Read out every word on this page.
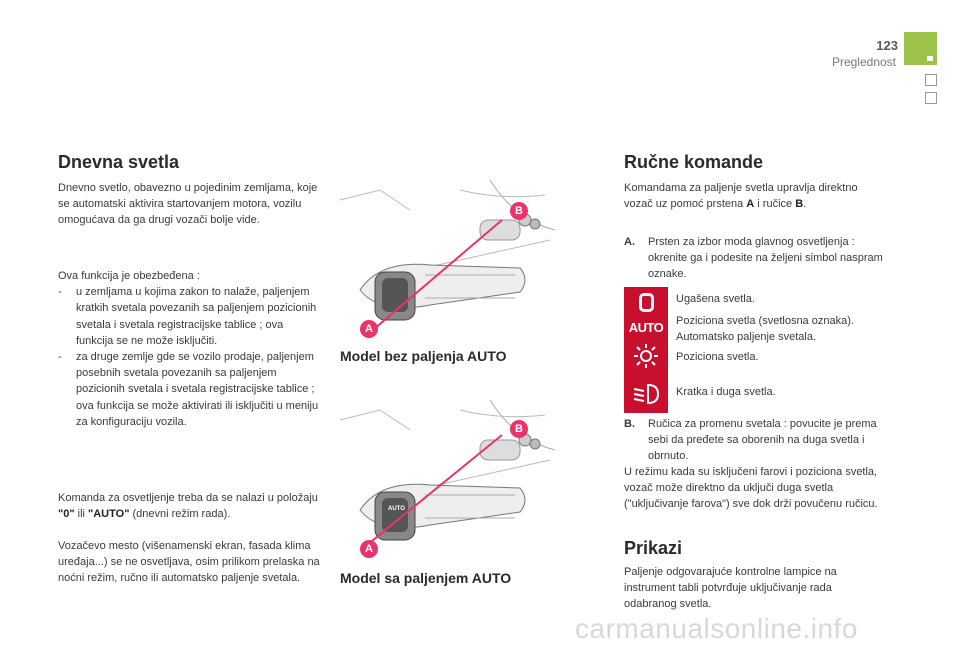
123
Preglednost
Dnevna svetla
Dnevno svetlo, obavezno u pojedinim zemljama, koje se automatski aktivira startovanjem motora, vozilu omogućava da ga drugi vozači bolje vide.
Ova funkcija je obezbeđena :
- u zemljama u kojima zakon to nalaže, paljenjem kratkih svetala povezanih sa paljenjem pozicionih svetala i svetala registracijske tablice ; ova funkcija se ne može isključiti.
- za druge zemlje gde se vozilo prodaje, paljenjem posebnih svetala povezanih sa paljenjem pozicionih svetala i svetala registracijske tablice ; ova funkcija se može aktivirati ili isključiti u meniju za konfiguraciju vozila.
Komanda za osvetljenje treba da se nalazi u položaju "0" ili "AUTO" (dnevni režim rada).
Vozačevo mesto (višenamenski ekran, fasada klima uređaja...) se ne osvetljava, osim prilikom prelaska na noćni režim, ručno ili automatsko paljenje svetala.
B
A
Model bez paljenja AUTO
AUTO
B
A
Model sa paljenjem AUTO
Ručne komande
Komandama za paljenje svetla upravlja direktno vozač uz pomoć prstena A i ručice B.
A. Prsten za izbor moda glavnog osvetljenja : okrenite ga i podesite na željeni simbol naspram oznake.
AUTO
Ugašena svetla.
Poziciona svetla (svetlosna oznaka). Automatsko paljenje svetala.
Poziciona svetla.
Kratka i duga svetla.
B. Ručica za promenu svetala : povucite je prema sebi da pređete sa oborenih na duga svetla i obrnuto.
U režimu kada su isključeni farovi i poziciona svetla, vozač može direktno da uključi duga svetla ("uključivanje farova") sve dok drži povučenu ručicu.
Prikazi
Paljenje odgovarajuće kontrolne lampice na instrument tabli potvrđuje uključivanje rada odabranog svetla.
carmanualsonline.info
